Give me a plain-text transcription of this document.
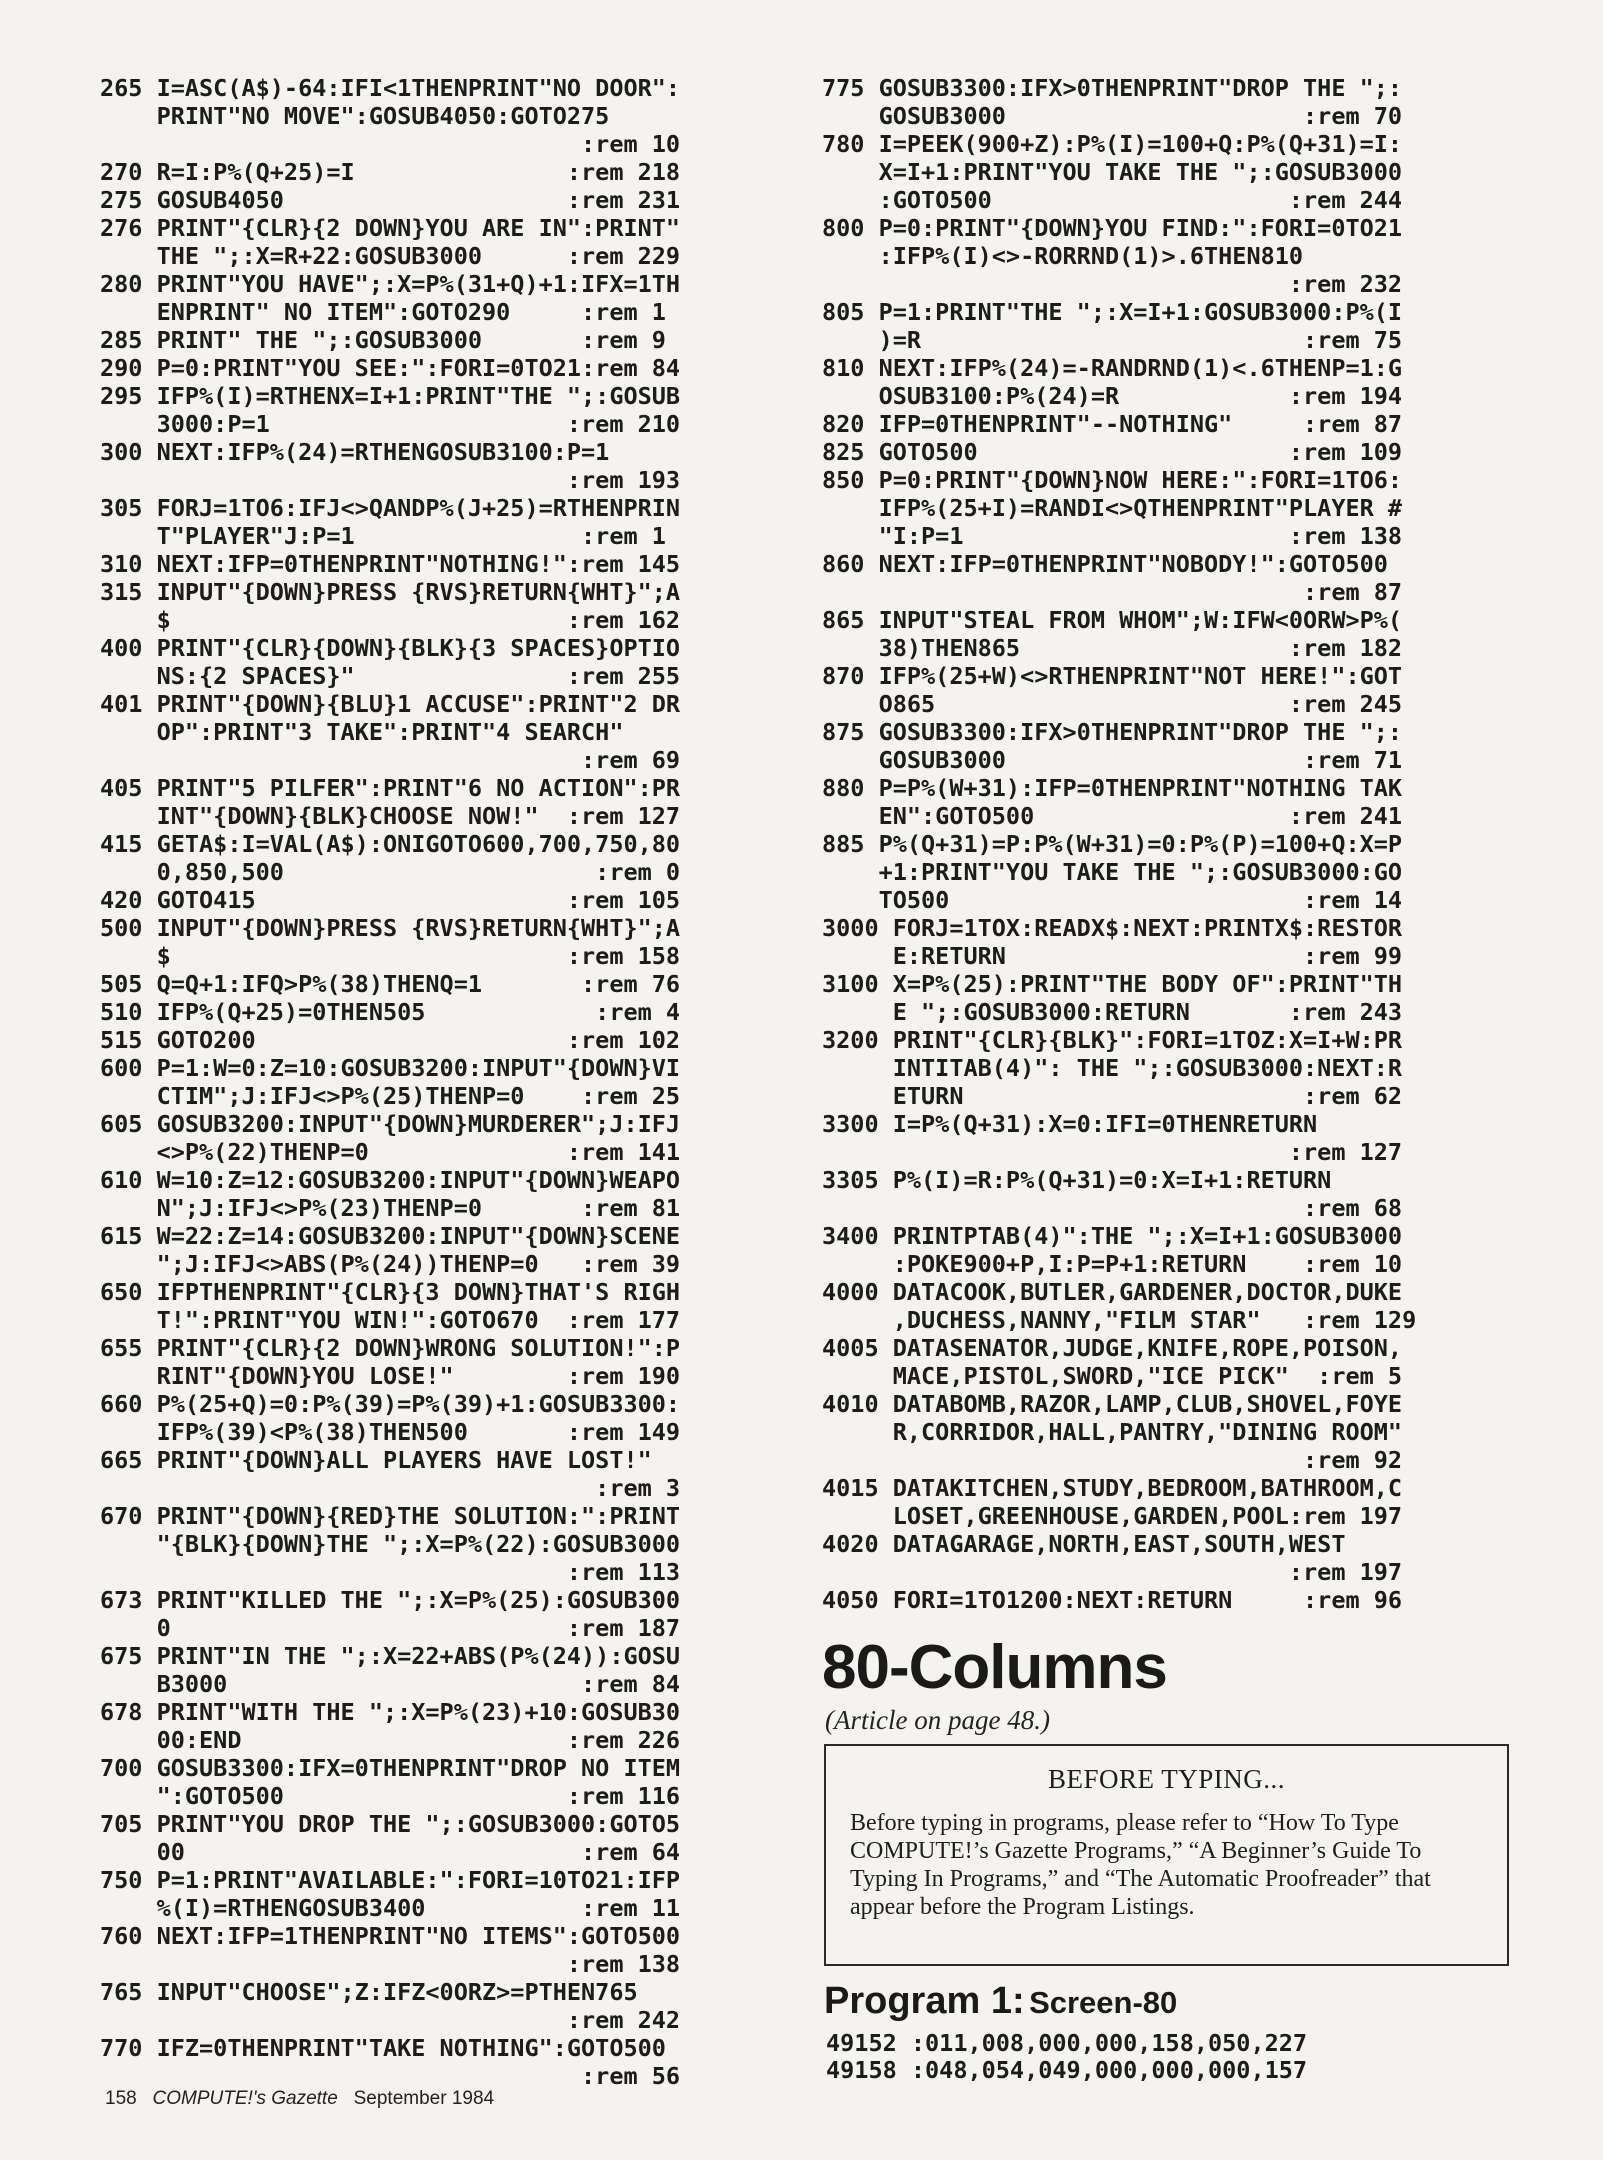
265 I=ASC(A$)-64:IFI<1THENPRINT"NO DOOR":
PRINT"NO MOVE":GOSUB4050:GOTO275
:rem 10
270 R=I:P%(Q+25)=I               :rem 218
275 GOSUB4050                    :rem 231
276 PRINT"{CLR}{2 DOWN}YOU ARE IN":PRINT"
THE ";:X=R+22:GOSUB3000      :rem 229
280 PRINT"YOU HAVE";:X=P%(31+Q)+1:IFX=1TH
ENPRINT" NO ITEM":GOTO290     :rem 1
285 PRINT" THE ";:GOSUB3000       :rem 9
290 P=0:PRINT"YOU SEE:":FORI=0TO21:rem 84
295 IFP%(I)=RTHENX=I+1:PRINT"THE ";:GOSUB
3000:P=1                     :rem 210
300 NEXT:IFP%(24)=RTHENGOSUB3100:P=1
:rem 193
305 FORJ=1TO6:IFJ<>QANDP%(J+25)=RTHENPRIN
T"PLAYER"J:P=1                :rem 1
310 NEXT:IFP=0THENPRINT"NOTHING!":rem 145
315 INPUT"{DOWN}PRESS {RVS}RETURN{WHT}";A
$                            :rem 162
400 PRINT"{CLR}{DOWN}{BLK}{3 SPACES}OPTIO
NS:{2 SPACES}"               :rem 255
401 PRINT"{DOWN}{BLU}1 ACCUSE":PRINT"2 DR
OP":PRINT"3 TAKE":PRINT"4 SEARCH"
:rem 69
405 PRINT"5 PILFER":PRINT"6 NO ACTION":PR
INT"{DOWN}{BLK}CHOOSE NOW!"  :rem 127
415 GETA$:I=VAL(A$):ONIGOTO600,700,750,80
0,850,500                      :rem 0
420 GOTO415                      :rem 105
500 INPUT"{DOWN}PRESS {RVS}RETURN{WHT}";A
$                            :rem 158
505 Q=Q+1:IFQ>P%(38)THENQ=1       :rem 76
510 IFP%(Q+25)=0THEN505            :rem 4
515 GOTO200                      :rem 102
600 P=1:W=0:Z=10:GOSUB3200:INPUT"{DOWN}VI
CTIM";J:IFJ<>P%(25)THENP=0    :rem 25
605 GOSUB3200:INPUT"{DOWN}MURDERER";J:IFJ
<>P%(22)THENP=0              :rem 141
610 W=10:Z=12:GOSUB3200:INPUT"{DOWN}WEAPO
N";J:IFJ<>P%(23)THENP=0       :rem 81
615 W=22:Z=14:GOSUB3200:INPUT"{DOWN}SCENE
";J:IFJ<>ABS(P%(24))THENP=0   :rem 39
650 IFPTHENPRINT"{CLR}{3 DOWN}THAT'S RIGH
T!":PRINT"YOU WIN!":GOTO670  :rem 177
655 PRINT"{CLR}{2 DOWN}WRONG SOLUTION!":P
RINT"{DOWN}YOU LOSE!"        :rem 190
660 P%(25+Q)=0:P%(39)=P%(39)+1:GOSUB3300:
IFP%(39)<P%(38)THEN500       :rem 149
665 PRINT"{DOWN}ALL PLAYERS HAVE LOST!"
:rem 3
670 PRINT"{DOWN}{RED}THE SOLUTION:":PRINT
"{BLK}{DOWN}THE ";:X=P%(22):GOSUB3000
:rem 113
673 PRINT"KILLED THE ";:X=P%(25):GOSUB300
0                            :rem 187
675 PRINT"IN THE ";:X=22+ABS(P%(24)):GOSU
B3000                         :rem 84
678 PRINT"WITH THE ";:X=P%(23)+10:GOSUB30
00:END                       :rem 226
700 GOSUB3300:IFX=0THENPRINT"DROP NO ITEM
":GOTO500                    :rem 116
705 PRINT"YOU DROP THE ";:GOSUB3000:GOTO5
00                            :rem 64
750 P=1:PRINT"AVAILABLE:":FORI=10TO21:IFP
%(I)=RTHENGOSUB3400           :rem 11
760 NEXT:IFP=1THENPRINT"NO ITEMS":GOTO500
:rem 138
765 INPUT"CHOOSE";Z:IFZ<0ORZ>=PTHEN765
:rem 242
770 IFZ=0THENPRINT"TAKE NOTHING":GOTO500
:rem 56
775 GOSUB3300:IFX>0THENPRINT"DROP THE ";:
GOSUB3000                     :rem 70
780 I=PEEK(900+Z):P%(I)=100+Q:P%(Q+31)=I:
X=I+1:PRINT"YOU TAKE THE ";:GOSUB3000
:GOTO500                     :rem 244
800 P=0:PRINT"{DOWN}YOU FIND:":FORI=0TO21
:IFP%(I)<>-RORRND(1)>.6THEN810
:rem 232
805 P=1:PRINT"THE ";:X=I+1:GOSUB3000:P%(I
)=R                           :rem 75
810 NEXT:IFP%(24)=-RANDRND(1)<.6THENP=1:G
OSUB3100:P%(24)=R            :rem 194
820 IFP=0THENPRINT"--NOTHING"     :rem 87
825 GOTO500                      :rem 109
850 P=0:PRINT"{DOWN}NOW HERE:":FORI=1TO6:
IFP%(25+I)=RANDI<>QTHENPRINT"PLAYER #
"I:P=1                       :rem 138
860 NEXT:IFP=0THENPRINT"NOBODY!":GOTO500
:rem 87
865 INPUT"STEAL FROM WHOM";W:IFW<0ORW>P%(
38)THEN865                   :rem 182
870 IFP%(25+W)<>RTHENPRINT"NOT HERE!":GOT
O865                         :rem 245
875 GOSUB3300:IFX>0THENPRINT"DROP THE ";:
GOSUB3000                     :rem 71
880 P=P%(W+31):IFP=0THENPRINT"NOTHING TAK
EN":GOTO500                  :rem 241
885 P%(Q+31)=P:P%(W+31)=0:P%(P)=100+Q:X=P
+1:PRINT"YOU TAKE THE ";:GOSUB3000:GO
TO500                         :rem 14
3000 FORJ=1TOX:READX$:NEXT:PRINTX$:RESTOR
E:RETURN                     :rem 99
3100 X=P%(25):PRINT"THE BODY OF":PRINT"TH
E ";:GOSUB3000:RETURN       :rem 243
3200 PRINT"{CLR}{BLK}":FORI=1TOZ:X=I+W:PR
INTITAB(4)": THE ";:GOSUB3000:NEXT:R
ETURN                        :rem 62
3300 I=P%(Q+31):X=0:IFI=0THENRETURN
:rem 127
3305 P%(I)=R:P%(Q+31)=0:X=I+1:RETURN
:rem 68
3400 PRINTPTAB(4)":THE ";:X=I+1:GOSUB3000
:POKE900+P,I:P=P+1:RETURN    :rem 10
4000 DATACOOK,BUTLER,GARDENER,DOCTOR,DUKE
,DUCHESS,NANNY,"FILM STAR"   :rem 129
4005 DATASENATOR,JUDGE,KNIFE,ROPE,POISON,
MACE,PISTOL,SWORD,"ICE PICK"  :rem 5
4010 DATABOMB,RAZOR,LAMP,CLUB,SHOVEL,FOYE
R,CORRIDOR,HALL,PANTRY,"DINING ROOM"
:rem 92
4015 DATAKITCHEN,STUDY,BEDROOM,BATHROOM,C
LOSET,GREENHOUSE,GARDEN,POOL:rem 197
4020 DATAGARAGE,NORTH,EAST,SOUTH,WEST
:rem 197
4050 FORI=1TO1200:NEXT:RETURN     :rem 96
80-Columns
(Article on page 48.)
BEFORE TYPING...
Before typing in programs, please refer to “How To Type COMPUTE!’s Gazette Programs,” “A Beginner’s Guide To Typing In Programs,” and “The Automatic Proofreader” that appear before the Program Listings.
Program 1: Screen-80
49152 :011,008,000,000,158,050,227
49158 :048,054,049,000,000,000,157
158 COMPUTE!'s Gazette September 1984
